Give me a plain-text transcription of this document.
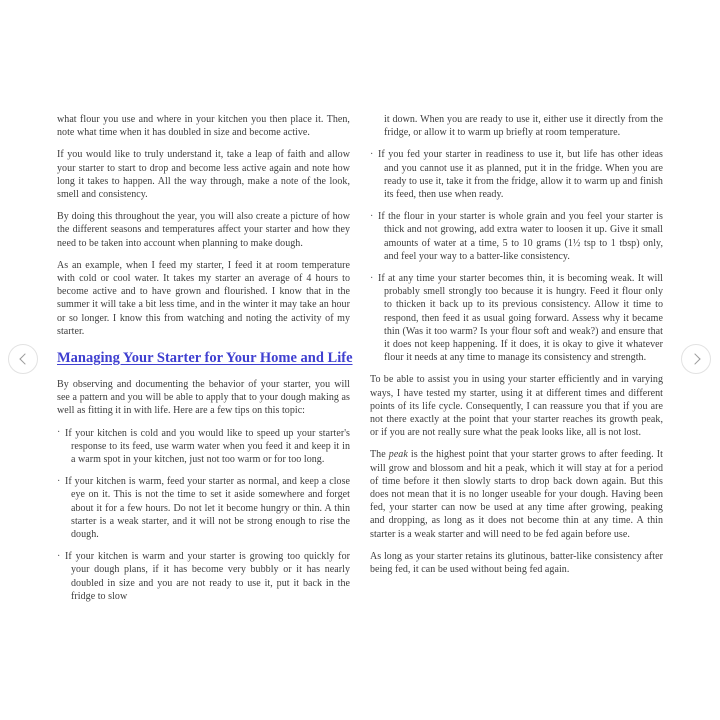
what flour you use and where in your kitchen you then place it. Then, note what time when it has doubled in size and become active.

If you would like to truly understand it, take a leap of faith and allow your starter to start to drop and become less active again and note how long it takes to happen. All the way through, make a note of the look, smell and consistency.

By doing this throughout the year, you will also create a picture of how the different seasons and temperatures affect your starter and how they need to be taken into account when planning to make dough.

As an example, when I feed my starter, I feed it at room temperature with cold or cool water. It takes my starter an average of 4 hours to become active and to have grown and flourished. I know that in the summer it will take a bit less time, and in the winter it may take an hour or so longer. I know this from watching and noting the activity of my starter.

Managing Your Starter for Your Home and Life

By observing and documenting the behavior of your starter, you will see a pattern and you will be able to apply that to your dough making as well as fitting it in with life. Here are a few tips on this topic:

· If your kitchen is cold and you would like to speed up your starter's response to its feed, use warm water when you feed it and keep it in a warm spot in your kitchen, just not too warm or for too long.
· If your kitchen is warm, feed your starter as normal, and keep a close eye on it. This is not the time to set it aside somewhere and forget about it for a few hours. Do not let it become hungry or thin. A thin starter is a weak starter, and it will not be strong enough to rise the dough.
· If your kitchen is warm and your starter is growing too quickly for your dough plans, if it has become very bubbly or it has nearly doubled in size and you are not ready to use it, put it back in the fridge to slow

it down. When you are ready to use it, either use it directly from the fridge, or allow it to warm up briefly at room temperature.

· If you fed your starter in readiness to use it, but life has other ideas and you cannot use it as planned, put it in the fridge. When you are ready to use it, take it from the fridge, allow it to warm up and finish its feed, then use when ready.
· If the flour in your starter is whole grain and you feel your starter is thick and not growing, add extra water to loosen it up. Give it small amounts of water at a time, 5 to 10 grams (1½ tsp to 1 tbsp) only, and feel your way to a batter-like consistency.
· If at any time your starter becomes thin, it is becoming weak. It will probably smell strongly too because it is hungry. Feed it flour only to thicken it back up to its previous consistency. Allow it time to respond, then feed it as usual going forward. Assess why it became thin (Was it too warm? Is your flour soft and weak?) and ensure that it does not keep happening. If it does, it is okay to give it whatever flour it needs at any time to manage its consistency and strength.

To be able to assist you in using your starter efficiently and in varying ways, I have tested my starter, using it at different times and different points of its life cycle. Consequently, I can reassure you that if you are not there exactly at the point that your starter reaches its growth peak, or if you are not really sure what the peak looks like, all is not lost.

The peak is the highest point that your starter grows to after feeding. It will grow and blossom and hit a peak, which it will stay at for a period of time before it then slowly starts to drop back down again. But this does not mean that it is no longer useable for your dough. Having been fed, your starter can now be used at any time after growing, peaking and dropping, as long as it does not become thin at any time. A thin starter is a weak starter and will need to be fed again before use.

As long as your starter retains its glutinous, batter-like consistency after being fed, it can be used without being fed again.
